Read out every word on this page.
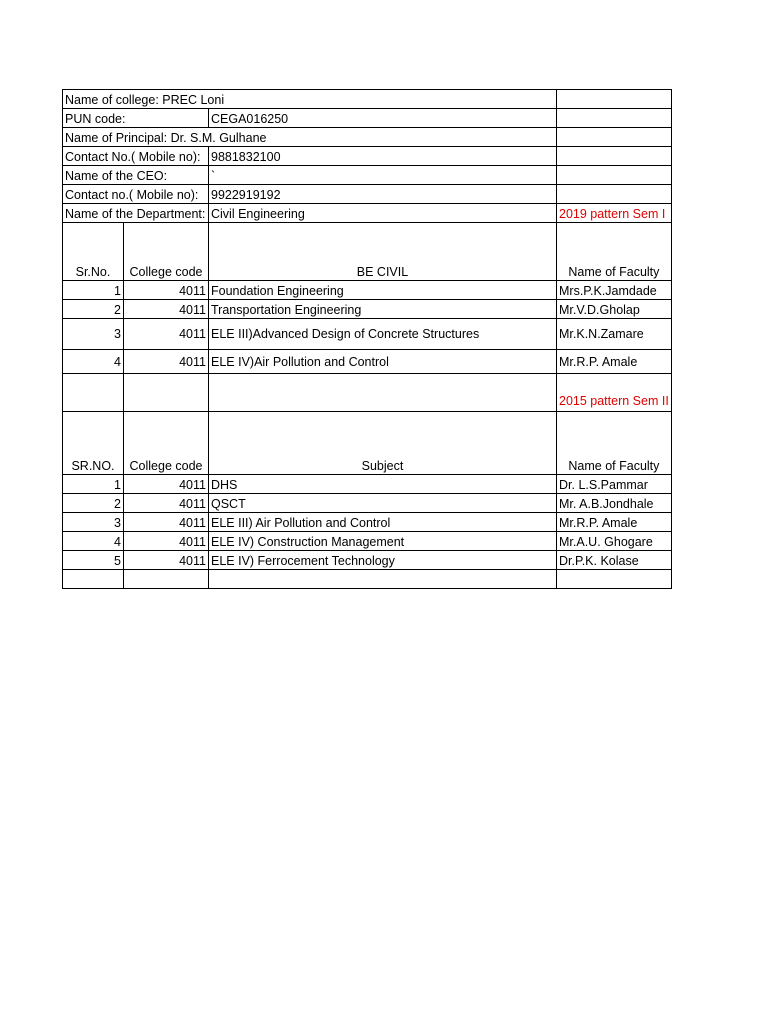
Name of college: PREC Loni			
PUN code:		CEGA016250	
Name of Principal: Dr. S.M. Gulhane			
Contact No.( Mobile no):		9881832100	
Name of the CEO:		`	
Contact no.( Mobile no):		9922919192	
Name of the Department:		Civil Engineering	2019 pattern Sem I
Sr.No.	College code	BE CIVIL	Name of Faculty
1	4011	Foundation Engineering	Mrs.P.K.Jamdade
2	4011	Transportation Engineering	Mr.V.D.Gholap
3	4011	ELE III)Advanced Design of Concrete Structures	Mr.K.N.Zamare
4	4011	ELE IV)Air Pollution and Control	Mr.R.P. Amale
			2015 pattern Sem II
SR.NO.	College code	Subject	Name of Faculty
1	4011	DHS	Dr. L.S.Pammar
2	4011	QSCT	Mr. A.B.Jondhale
3	4011	ELE III) Air Pollution and Control	Mr.R.P. Amale
4	4011	ELE IV) Construction Management	Mr.A.U. Ghogare
5	4011	ELE IV) Ferrocement Technology	Dr.P.K. Kolase
